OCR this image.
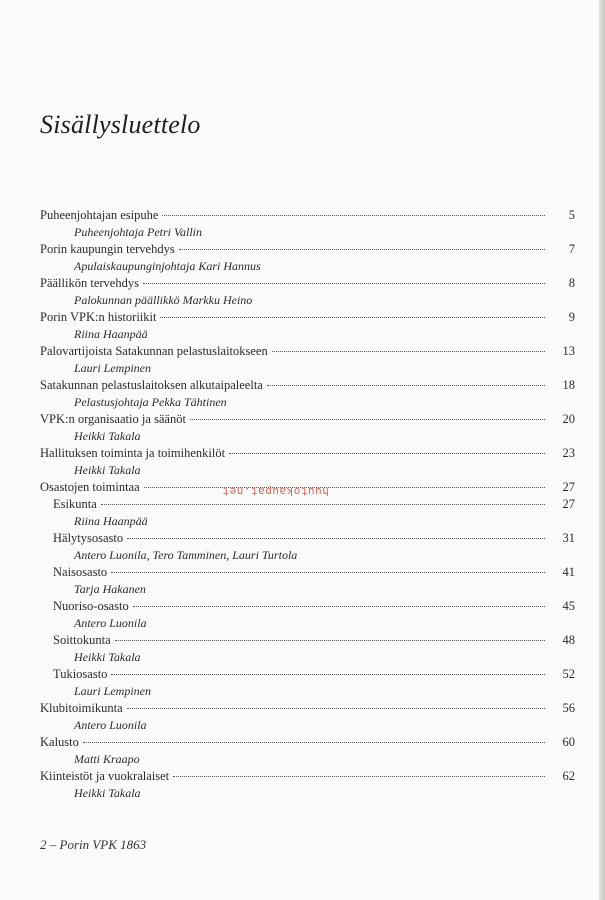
Sisällysluettelo
Puheenjohtajan esipuhe	5
Puheenjohtaja Petri Vallin
Porin kaupungin tervehdys	7
Apulaiskaupunginjohtaja Kari Hannus
Päällikön tervehdys	8
Palokunnan päällikkö Markku Heino
Porin VPK:n historiikit	9
Riina Haanpää
Palovartijoista Satakunnan pelastuslaitokseen	13
Lauri Lempinen
Satakunnan pelastuslaitoksen alkutaipaleelta	18
Pelastusjohtaja Pekka Tähtinen
VPK:n organisaatio ja säänöt	20
Heikki Takala
Hallituksen toiminta ja toimihenkilöt	23
Heikki Takala
Osastojen toimintaa	27
Esikunta	27
Riina Haanpää
Hälytysosasto	31
Antero Luonila, Tero Tamminen, Lauri Turtola
Naisosasto	41
Tarja Hakanen
Nuoriso-osasto	45
Antero Luonila
Soittokunta	48
Heikki Takala
Tukiosasto	52
Lauri Lempinen
Klubitoimikunta	56
Antero Luonila
Kalusto	60
Matti Kraapo
Kiinteistöt ja vuokralaiset	62
Heikki Takala
huutokaupat.net
2 – Porin VPK 1863
